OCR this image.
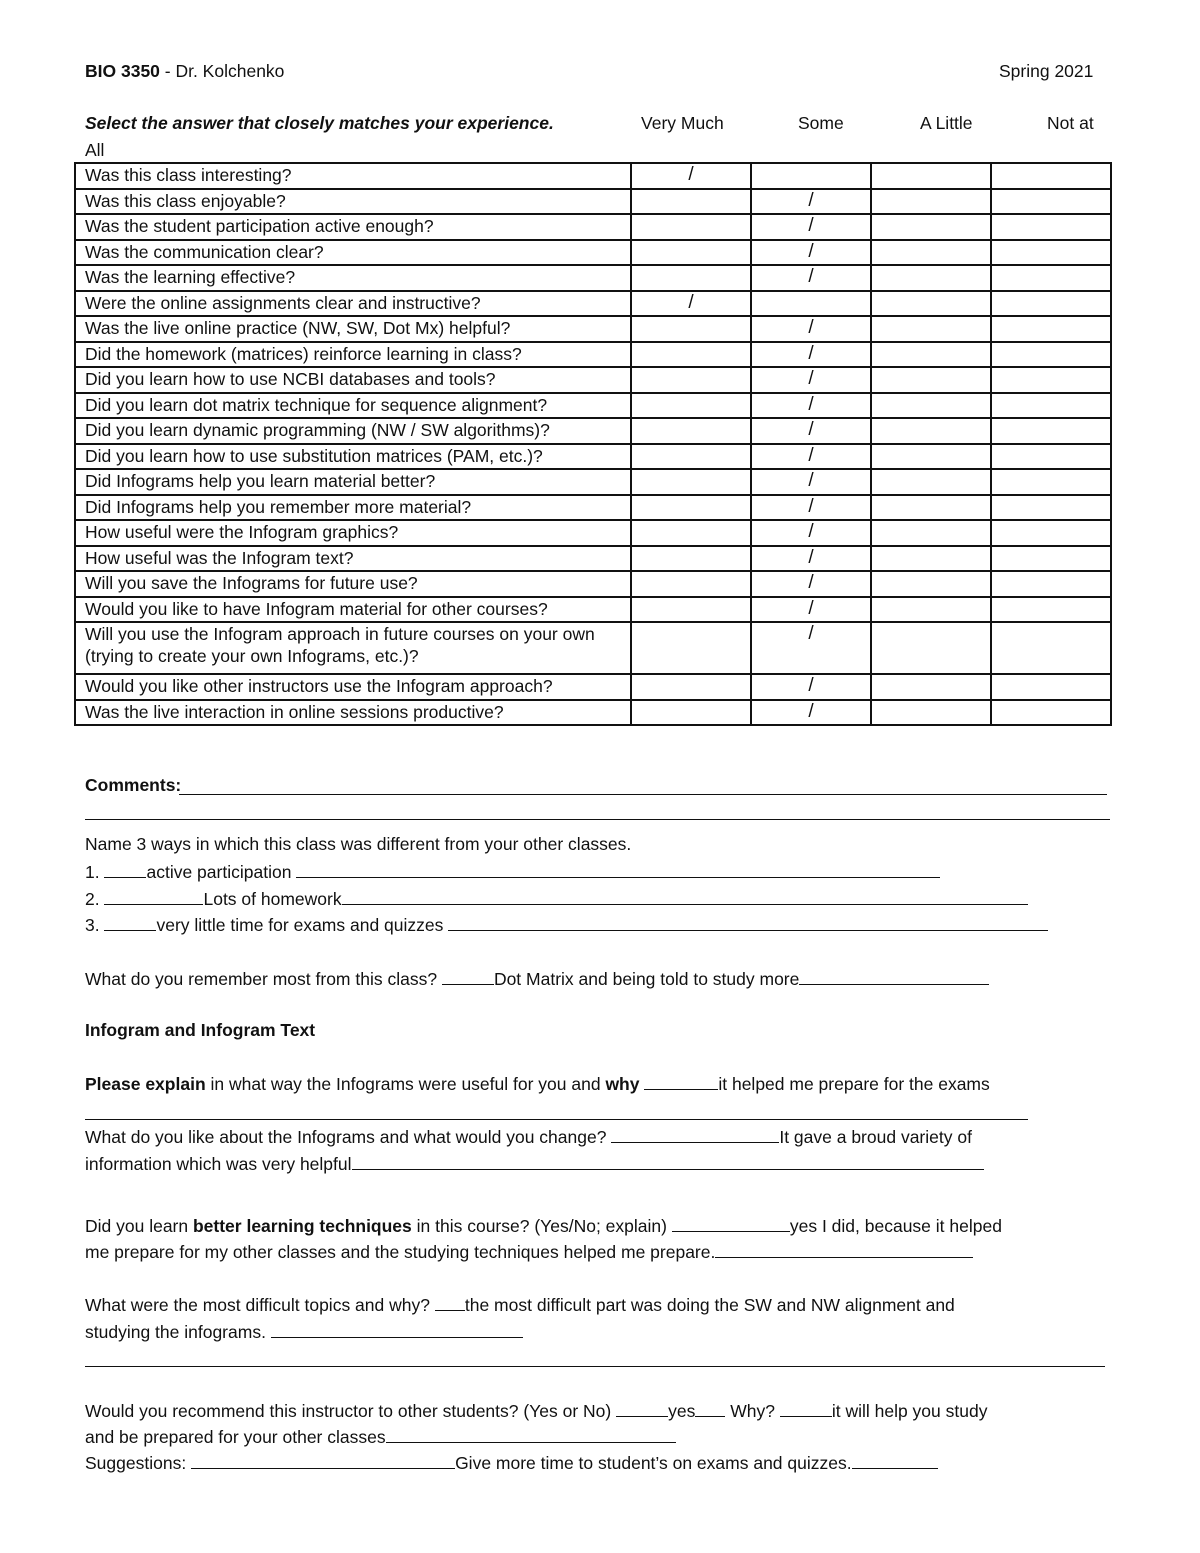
BIO 3350 - Dr. Kolchenko	Spring 2021
Select the answer that closely matches your experience.	Very Much	Some	A Little	Not at
All
Was this class interesting?	/			
Was this class enjoyable?		/		
Was the student participation active enough?		/		
Was the communication clear?		/		
Was the learning effective?		/		
Were the online assignments clear and instructive?	/			
Was the live online practice (NW, SW, Dot Mx) helpful?		/		
Did the homework (matrices) reinforce learning in class?		/		
Did you learn how to use NCBI databases and tools?		/		
Did you learn dot matrix technique for sequence alignment?		/		
Did you learn dynamic programming (NW / SW algorithms)?		/		
Did you learn how to use substitution matrices (PAM, etc.)?		/		
Did Infograms help you learn material better?		/		
Did Infograms help you remember more material?		/		
How useful were the Infogram graphics?		/		
How useful was the Infogram text?		/		
Will you save the Infograms for future use?		/		
Would you like to have Infogram material for other courses?		/		
Will you use the Infogram approach in future courses on your own (trying to create your own Infograms, etc.)?		/		
Would you like other instructors use the Infogram approach?		/		
Was the live interaction in online sessions productive?		/		
Comments:
Name 3 ways in which this class was different from your other classes.
1.	active participation
2.	Lots of homework
3.	very little time for exams and quizzes
What do you remember most from this class?	Dot Matrix and being told to study more
Infogram and Infogram Text
Please explain in what way the Infograms were useful for you and why	it helped me prepare for the exams
What do you like about the Infograms and what would you change?	It gave a broud variety of
information which was very helpful
Did you learn better learning techniques in this course? (Yes/No; explain)	yes I did, because it helped
me prepare for my other classes and the studying techniques helped me prepare.
What were the most difficult topics and why? the most difficult part was doing the SW and NW alignment and
studying the infograms.
Would you recommend this instructor to other students? (Yes or No)	yes Why?	it will help you study
and be prepared for your other classes
Suggestions:	Give more time to student’s on exams and quizzes.
